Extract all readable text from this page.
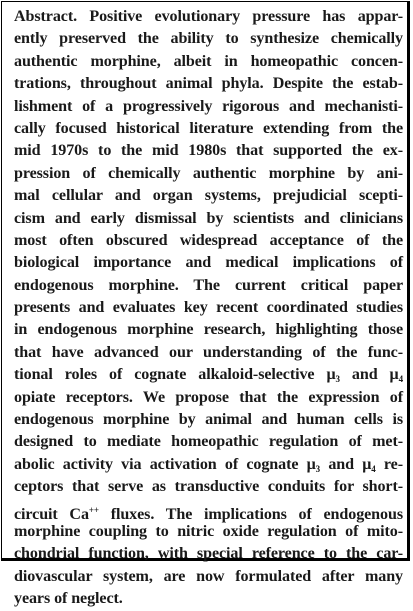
Abstract. Positive evolutionary pressure has appar-
ently preserved the ability to synthesize chemically
authentic morphine, albeit in homeopathic concen-
trations, throughout animal phyla. Despite the estab-
lishment of a progressively rigorous and mechanisti-
cally focused historical literature extending from the
mid 1970s to the mid 1980s that supported the ex-
pression of chemically authentic morphine by ani-
mal cellular and organ systems, prejudicial scepti-
cism and early dismissal by scientists and clinicians
most often obscured widespread acceptance of the
biological importance and medical implications of
endogenous morphine. The current critical paper
presents and evaluates key recent coordinated studies
in endogenous morphine research, highlighting those
that have advanced our understanding of the func-
tional roles of cognate alkaloid-selective $\mu_3$ and $\mu_4$
opiate receptors. We propose that the expression of
endogenous morphine by animal and human cells is
designed to mediate homeopathic regulation of met-
abolic activity via activation of cognate $\mu_3$ and $\mu_4$ re-
ceptors that serve as transductive conduits for short-
circuit Ca++ fluxes. The implications of endogenous
morphine coupling to nitric oxide regulation of mito-
chondrial function, with special reference to the car-
diovascular system, are now formulated after many
years of neglect.
